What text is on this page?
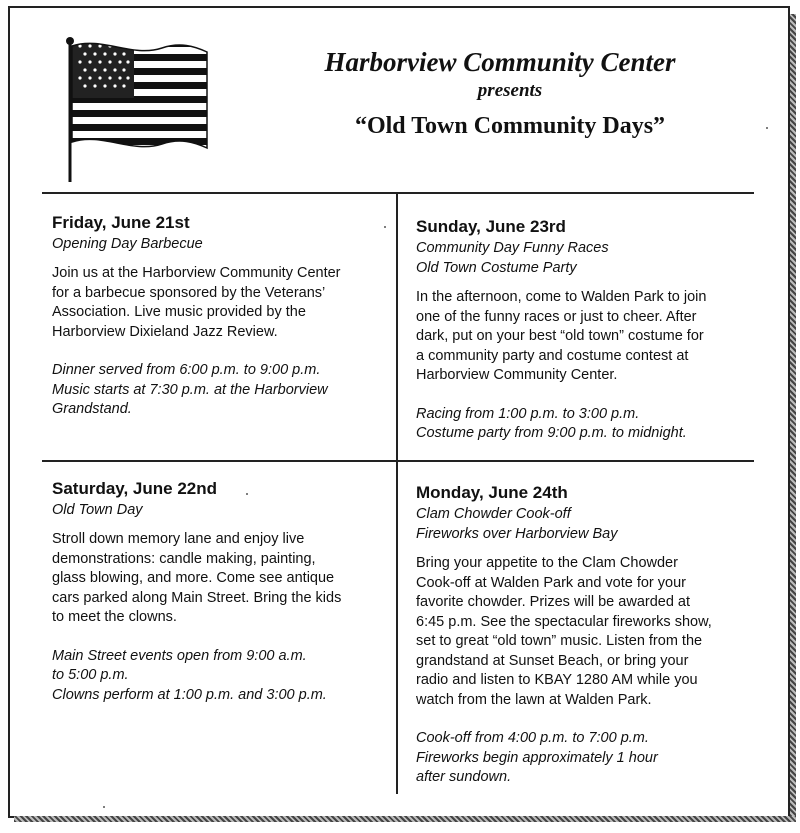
Harborview Community Center
presents
“Old Town Community Days”
Friday, June 21st
Opening Day Barbecue
Join us at the Harborview Community Center
for a barbecue sponsored by the Veterans’
Association. Live music provided by the
Harborview Dixieland Jazz Review.
Dinner served from 6:00 p.m. to 9:00 p.m.
Music starts at 7:30 p.m. at the Harborview
Grandstand.
Sunday, June 23rd
Community Day Funny Races
Old Town Costume Party
In the afternoon, come to Walden Park to join
one of the funny races or just to cheer. After
dark, put on your best “old town” costume for
a community party and costume contest at
Harborview Community Center.
Racing from 1:00 p.m. to 3:00 p.m.
Costume party from 9:00 p.m. to midnight.
Saturday, June 22nd
Old Town Day
Stroll down memory lane and enjoy live
demonstrations: candle making, painting,
glass blowing, and more. Come see antique
cars parked along Main Street. Bring the kids
to meet the clowns.
Main Street events open from 9:00 a.m.
to 5:00 p.m.
Clowns perform at 1:00 p.m. and 3:00 p.m.
Monday, June 24th
Clam Chowder Cook-off
Fireworks over Harborview Bay
Bring your appetite to the Clam Chowder
Cook-off at Walden Park and vote for your
favorite chowder. Prizes will be awarded at
6:45 p.m. See the spectacular fireworks show,
set to great “old town” music. Listen from the
grandstand at Sunset Beach, or bring your
radio and listen to KBAY 1280 AM while you
watch from the lawn at Walden Park.
Cook-off from 4:00 p.m. to 7:00 p.m.
Fireworks begin approximately 1 hour
after sundown.
